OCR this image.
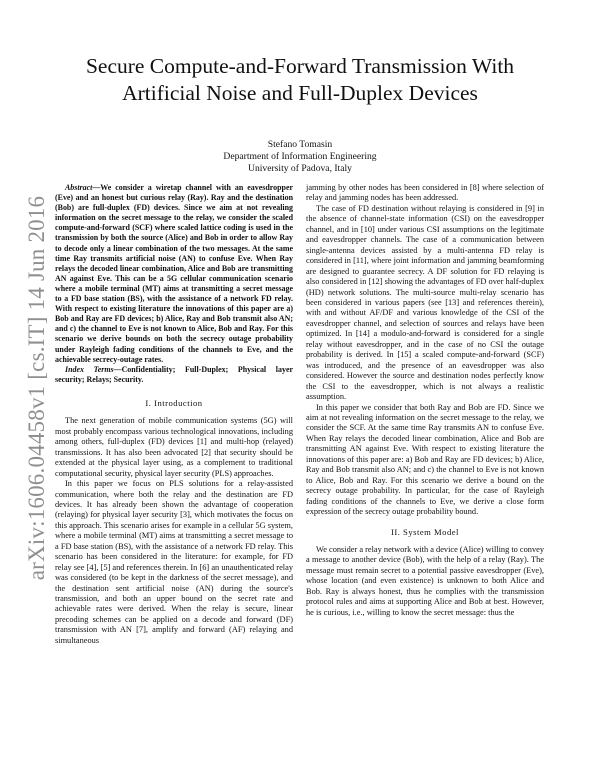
arXiv:1606.04458v1 [cs.IT] 14 Jun 2016
Secure Compute-and-Forward Transmission With
Artificial Noise and Full-Duplex Devices
Stefano Tomasin
Department of Information Engineering
University of Padova, Italy

Abstract—We consider a wiretap channel with an eavesdropper (Eve) and an honest but curious relay (Ray). Ray and the destination (Bob) are full-duplex (FD) devices. Since we aim at not revealing information on the secret message to the relay, we consider the scaled compute-and-forward (SCF) where scaled lattice coding is used in the transmission by both the source (Alice) and Bob in order to allow Ray to decode only a linear combination of the two messages. At the same time Ray transmits artificial noise (AN) to confuse Eve. When Ray relays the decoded linear combination, Alice and Bob are transmitting AN against Eve. This can be a 5G cellular communication scenario where a mobile terminal (MT) aims at transmitting a secret message to a FD base station (BS), with the assistance of a network FD relay. With respect to existing literature the innovations of this paper are a) Bob and Ray are FD devices; b) Alice, Ray and Bob transmit also AN; and c) the channel to Eve is not known to Alice, Bob and Ray. For this scenario we derive bounds on both the secrecy outage probability under Rayleigh fading conditions of the channels to Eve, and the achievable secrecy-outage rates.

Index Terms—Confidentiality; Full-Duplex; Physical layer security; Relays; Security.

I. Introduction

The next generation of mobile communication systems (5G) will most probably encompass various technological innovations, including among others, full-duplex (FD) devices [1] and multi-hop (relayed) transmissions. It has also been advocated [2] that security should be extended at the physical layer using, as a complement to traditional computational security, physical layer security (PLS) approaches.

In this paper we focus on PLS solutions for a relay-assisted communication, where both the relay and the destination are FD devices. It has already been shown the advantage of cooperation (relaying) for physical layer security [3], which motivates the focus on this approach. This scenario arises for example in a cellular 5G system, where a mobile terminal (MT) aims at transmitting a secret message to a FD base station (BS), with the assistance of a network FD relay. This scenario has been considered in the literature: for example, for FD relay see [4], [5] and references therein. In [6] an unauthenticated relay was considered (to be kept in the darkness of the secret message), and the destination sent artificial noise (AN) during the source's transmission, and both an upper bound on the secret rate and achievable rates were derived. When the relay is secure, linear precoding schemes can be applied on a decode and forward (DF) transmission with AN [7], amplify and forward (AF) relaying and simultaneous

jamming by other nodes has been considered in [8] where selection of relay and jamming nodes has been addressed.

The case of FD destination without relaying is considered in [9] in the absence of channel-state information (CSI) on the eavesdropper channel, and in [10] under various CSI assumptions on the legitimate and eavesdropper channels. The case of a communication between single-antenna devices assisted by a multi-antenna FD relay is considered in [11], where joint information and jamming beamforming are designed to guarantee secrecy. A DF solution for FD relaying is also considered in [12] showing the advantages of FD over half-duplex (HD) network solutions. The multi-source multi-relay scenario has been considered in various papers (see [13] and references therein), with and without AF/DF and various knowledge of the CSI of the eavesdropper channel, and selection of sources and relays have been optimized. In [14] a modulo-and-forward is considered for a single relay without eavesdropper, and in the case of no CSI the outage probability is derived. In [15] a scaled compute-and-forward (SCF) was introduced, and the presence of an eavesdropper was also considered. However the source and destination nodes perfectly know the CSI to the eavesdropper, which is not always a realistic assumption.

In this paper we consider that both Ray and Bob are FD. Since we aim at not revealing information on the secret message to the relay, we consider the SCF. At the same time Ray transmits AN to confuse Eve. When Ray relays the decoded linear combination, Alice and Bob are transmitting AN against Eve. With respect to existing literature the innovations of this paper are: a) Bob and Ray are FD devices; b) Alice, Ray and Bob transmit also AN; and c) the channel to Eve is not known to Alice, Bob and Ray. For this scenario we derive a bound on the secrecy outage probability. In particular, for the case of Rayleigh fading conditions of the channels to Eve, we derive a close form expression of the secrecy outage probability bound.

II. System Model

We consider a relay network with a device (Alice) willing to convey a message to another device (Bob), with the help of a relay (Ray). The message must remain secret to a potential passive eavesdropper (Eve), whose location (and even existence) is unknown to both Alice and Bob. Ray is always honest, thus he complies with the transmission protocol rules and aims at supporting Alice and Bob at best. However, he is curious, i.e., willing to know the secret message: thus the
